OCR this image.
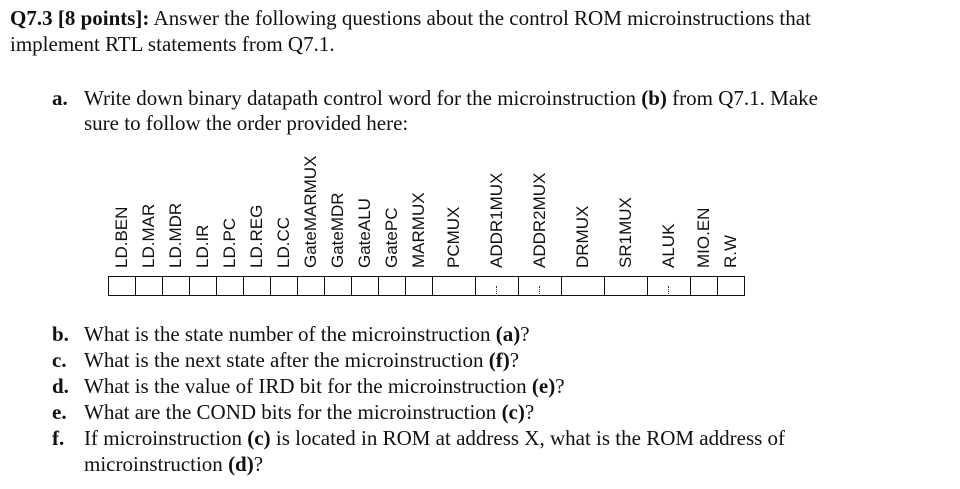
Q7.3 [8 points]: Answer the following questions about the control ROM microinstructions that
implement RTL statements from Q7.1.
a. Write down binary datapath control word for the microinstruction (b) from Q7.1. Make
sure to follow the order provided here:
LD.BEN LD.MAR LD.MDR LD.IR LD.PC LD.REG LD.CC GateMARMUX GateMDR GateALU GatePC MARMUX PCMUX ADDR1MUX ADDR2MUX DRMUX SR1MUX ALUK MIO.EN R.W
b. What is the state number of the microinstruction (a)?
c. What is the next state after the microinstruction (f)?
d. What is the value of IRD bit for the microinstruction (e)?
e. What are the COND bits for the microinstruction (c)?
f. If microinstruction (c) is located in ROM at address X, what is the ROM address of
microinstruction (d)?
